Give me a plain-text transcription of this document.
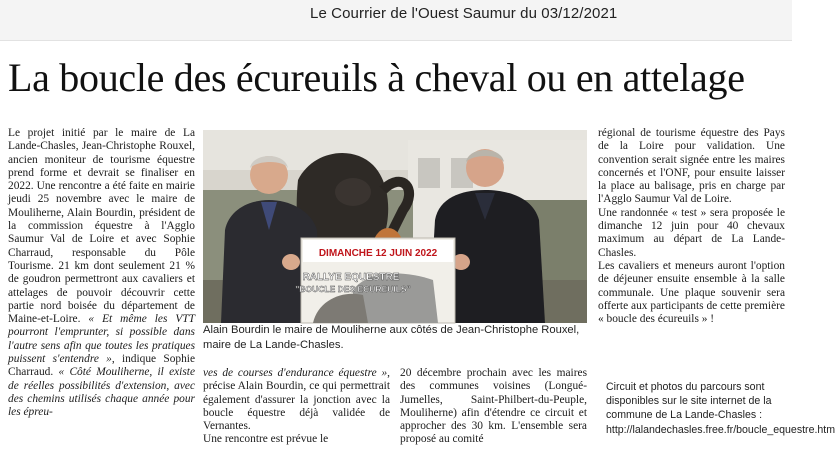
Le Courrier de l'Ouest Saumur du 03/12/2021
La boucle des écureuils à cheval ou en attelage

Le projet initié par le maire de La Lande-Chasles, Jean-Christophe Rouxel, ancien moniteur de tourisme équestre prend forme et devrait se finaliser en 2022. Une rencontre a été faite en mairie jeudi 25 novembre avec le maire de Mouliherne, Alain Bourdin, président de la commission équestre à l'Agglo Saumur Val de Loire et avec Sophie Charraud, responsable du Pôle Tourisme. 21 km dont seulement 21 % de goudron permettront aux cavaliers et attelages de pouvoir découvrir cette partie nord boisée du département de Maine-et-Loire. « Et même les VTT pourront l'emprunter, si possible dans l'autre sens afin que toutes les pratiques puissent s'entendre », indique Sophie Charraud. « Côté Mouliherne, il existe de réelles possibilités d'extension, avec des chemins utilisés chaque année pour les épreu-

DIMANCHE 12 JUIN 2022
RALLYE EQUESTRE
"BOUCLE DES ECUREUILS"
Alain Bourdin le maire de Mouliherne aux côtés de Jean-Christophe Rouxel, maire de La Lande-Chasles.

ves de courses d'endurance équestre », précise Alain Bourdin, ce qui permettrait également d'assurer la jonction avec la boucle équestre déjà validée de Vernantes.

Une rencontre est prévue le

20 décembre prochain avec les maires des communes voisines (Longué-Jumelles, Saint-Philbert-du-Peuple, Mouliherne) afin d'étendre ce circuit et approcher des 30 km. L'ensemble sera proposé au comité

régional de tourisme équestre des Pays de la Loire pour validation. Une convention serait signée entre les maires concernés et l'ONF, pour ensuite laisser la place au balisage, pris en charge par l'Agglo Saumur Val de Loire.

Une randonnée « test » sera proposée le dimanche 12 juin pour 40 chevaux maximum au départ de La Lande-Chasles.

Les cavaliers et meneurs auront l'option de déjeuner ensuite ensemble à la salle communale. Une plaque souvenir sera offerte aux participants de cette première « boucle des écureuils » !

Circuit et photos du parcours sont disponibles sur le site internet de la commune de La Lande-Chasles :

http://lalandechasles.free.fr/boucle_equestre.htm
